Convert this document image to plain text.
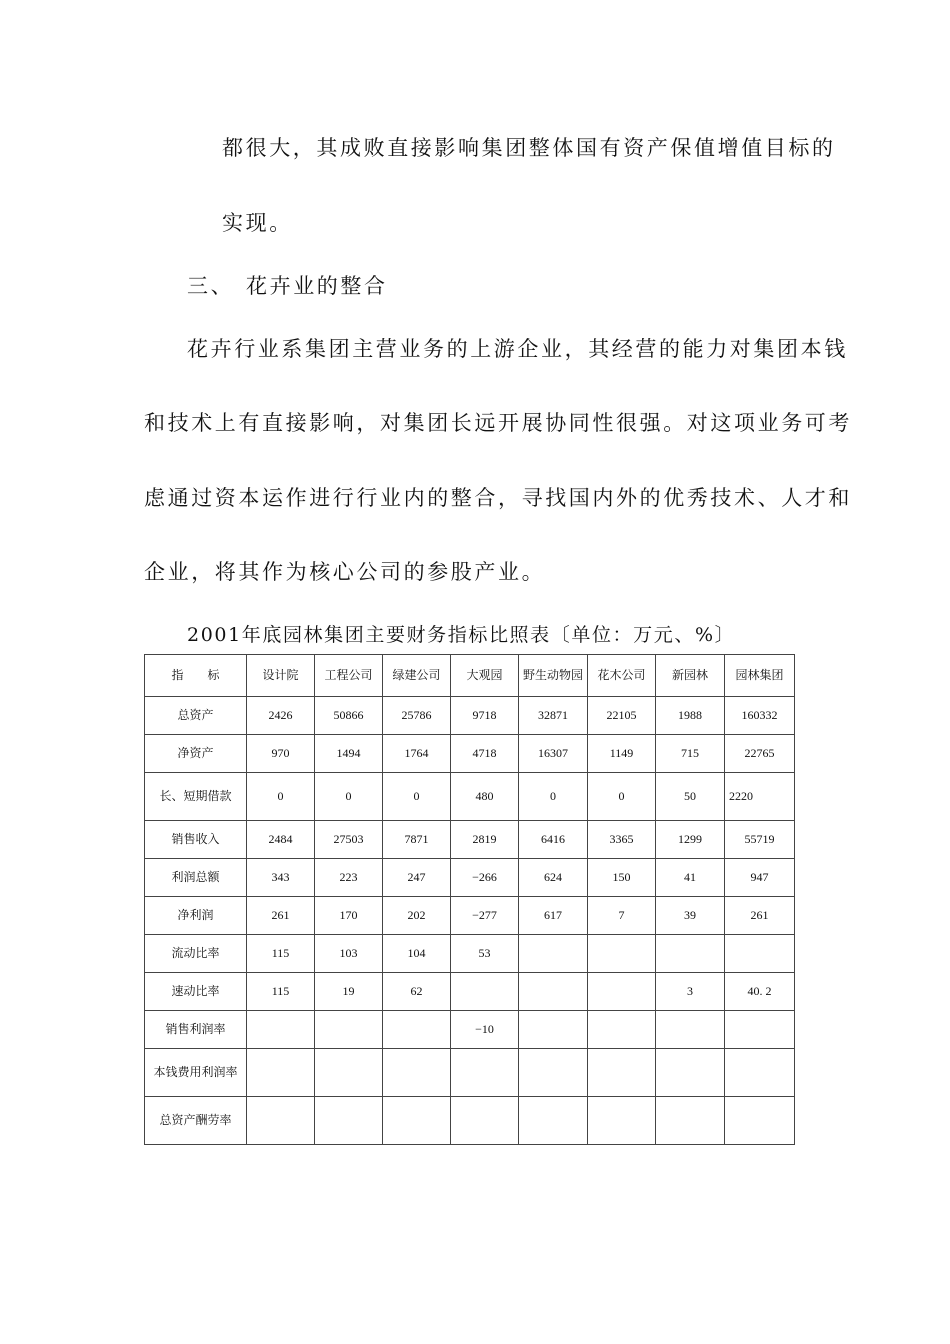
都很大，其成败直接影响集团整体国有资产保值增值目标的
实现。
三、 花卉业的整合
花卉行业系集团主营业务的上游企业，其经营的能力对集团本钱
和技术上有直接影响，对集团长远开展协同性很强。对这项业务可考
虑通过资本运作进行行业内的整合，寻找国内外的优秀技术、人才和
企业，将其作为核心公司的参股产业。
2001年底园林集团主要财务指标比照表〔单位：万元、%〕
指　　标	设计院	工程公司	绿建公司	大观园	野生动物园	花木公司	新园林	园林集团
总资产	2426	50866	25786	9718	32871	22105	1988	160332
净资产	970	1494	1764	4718	16307	1149	715	22765
长、短期借款	0	0	0	480	0	0	50	2220
销售收入	2484	27503	7871	2819	6416	3365	1299	55719
利润总额	343	223	247	−266	624	150	41	947
净利润	261	170	202	−277	617	7	39	261
流动比率	115	103	104	53				
速动比率	115	19	62				3	40. 2
销售利润率				−10				
本钱费用利润率								
总资产酬劳率								
